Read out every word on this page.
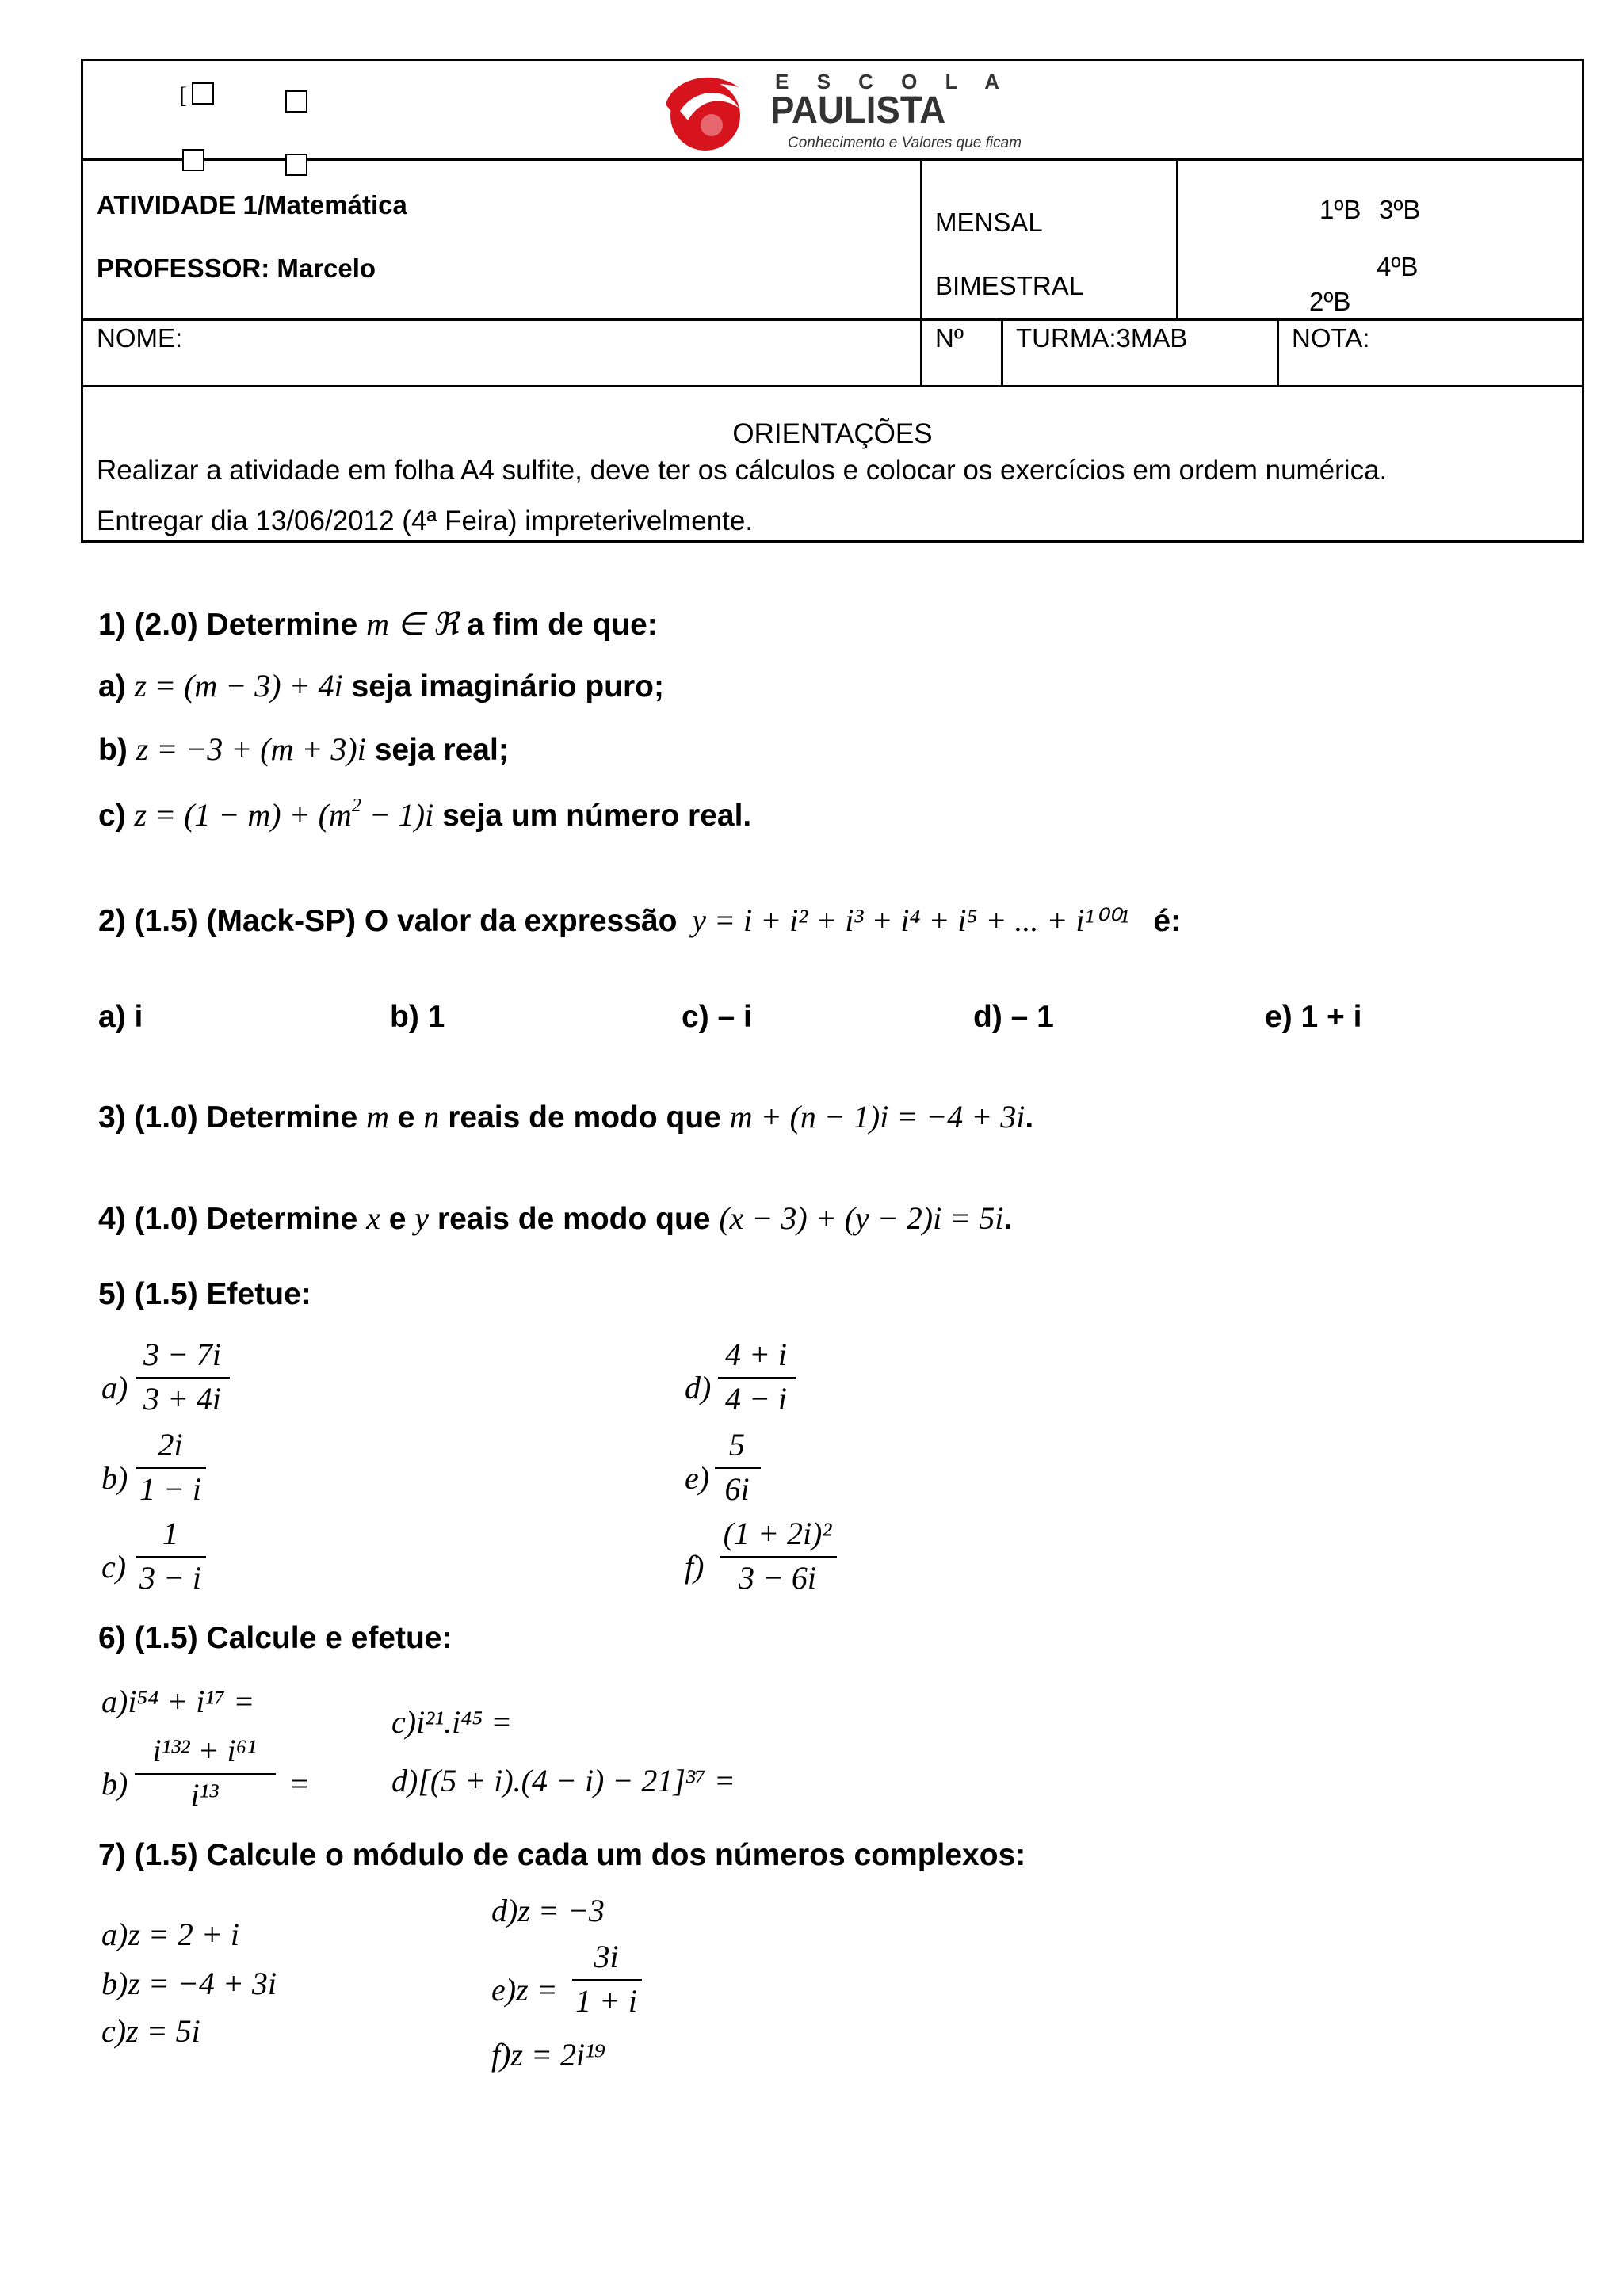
[
E S C O L A
PAULISTA
Conhecimento e Valores que ficam
ATIVIDADE 1/Matemática
PROFESSOR: Marcelo
MENSAL
BIMESTRAL
1ºB 3ºB
4ºB
2ºB
NOME:	Nº TURMA:3MAB	NOTA:
ORIENTAÇÕES
Realizar a atividade em folha A4 sulfite, deve ter os cálculos e colocar os exercícios em ordem numérica.
Entregar dia 13/06/2012 (4ª Feira) impreterivelmente.
1) (2.0) Determine m ∈ ℜ a fim de que:
a) z = (m − 3) + 4i seja imaginário puro;
b) z = −3 + (m + 3)i seja real;
c) $z = (1 - m) + (m^2 - 1)i$ seja um número real.
2) (1.5) (Mack-SP) O valor da expressão y = i + i² + i³ + i⁴ + i⁵ + ... + i¹⁰⁰¹ é:
a) i	b) 1	c) – i	d) – 1	e) 1 + i
3) (1.0) Determine m e n reais de modo que m + (n − 1)i = −4 + 3i.
4) (1.0) Determine x e y reais de modo que (x − 3) + (y − 2)i = 5i.
5) (1.5) Efetue:
a)
3 − 7i
3 + 4i
b)
2i
1 − i
c)
1
3 − i
d)
4 + i
4 − i
e)
5
6i
f)
(1 + 2i)²
3 − 6i
6) (1.5) Calcule e efetue:
a)i⁵⁴ + i¹⁷ =
b)
i¹³² + i⁶¹
i¹³	=
c)i²¹.i⁴⁵ =
d)[(5 + i).(4 − i) − 21]³⁷ =
7) (1.5) Calcule o módulo de cada um dos números complexos:
a)z = 2 + i
b)z = −4 + 3i
c)z = 5i
d)z = −3
e)z =
3i
1 + i
f)z = 2i¹⁹
